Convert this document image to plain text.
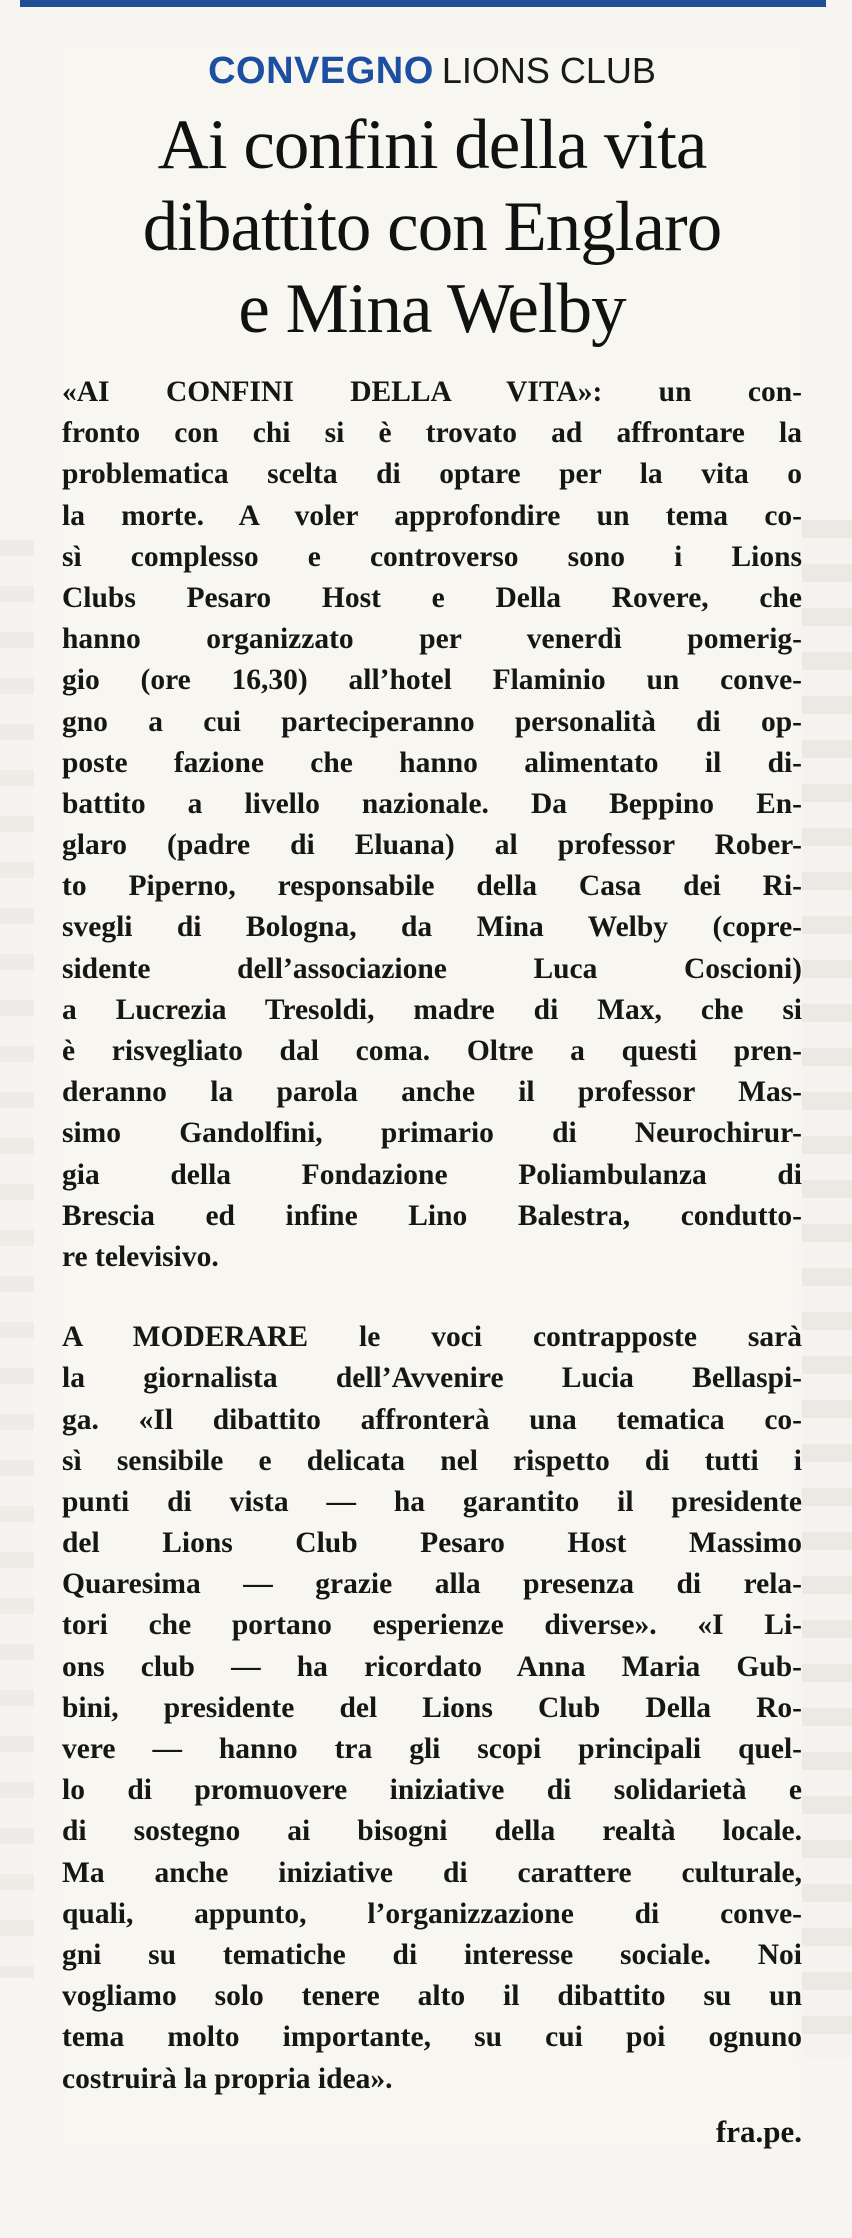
CONVEGNO LIONS CLUB
Ai confini della vita
dibattito con Englaro
e Mina Welby
«AI CONFINI DELLA VITA»: un con-
fronto con chi si è trovato ad affrontare la
problematica scelta di optare per la vita o
la morte. A voler approfondire un tema co-
sì complesso e controverso sono i Lions
Clubs Pesaro Host e Della Rovere, che
hanno organizzato per venerdì pomerig-
gio (ore 16,30) all’hotel Flaminio un conve-
gno a cui parteciperanno personalità di op-
poste fazione che hanno alimentato il di-
battito a livello nazionale. Da Beppino En-
glaro (padre di Eluana) al professor Rober-
to Piperno, responsabile della Casa dei Ri-
svegli di Bologna, da Mina Welby (copre-
sidente dell’associazione Luca Coscioni)
a Lucrezia Tresoldi, madre di Max, che si
è risvegliato dal coma. Oltre a questi pren-
deranno la parola anche il professor Mas-
simo Gandolfini, primario di Neurochirur-
gia della Fondazione Poliambulanza di
Brescia ed infine Lino Balestra, condutto-
re televisivo.
A MODERARE le voci contrapposte sarà
la giornalista dell’Avvenire Lucia Bellaspi-
ga. «Il dibattito affronterà una tematica co-
sì sensibile e delicata nel rispetto di tutti i
punti di vista — ha garantito il presidente
del Lions Club Pesaro Host Massimo
Quaresima — grazie alla presenza di rela-
tori che portano esperienze diverse». «I Li-
ons club — ha ricordato Anna Maria Gub-
bini, presidente del Lions Club Della Ro-
vere — hanno tra gli scopi principali quel-
lo di promuovere iniziative di solidarietà e
di sostegno ai bisogni della realtà locale.
Ma anche iniziative di carattere culturale,
quali, appunto, l’organizzazione di conve-
gni su tematiche di interesse sociale. Noi
vogliamo solo tenere alto il dibattito su un
tema molto importante, su cui poi ognuno
costruirà la propria idea».
fra.pe.
